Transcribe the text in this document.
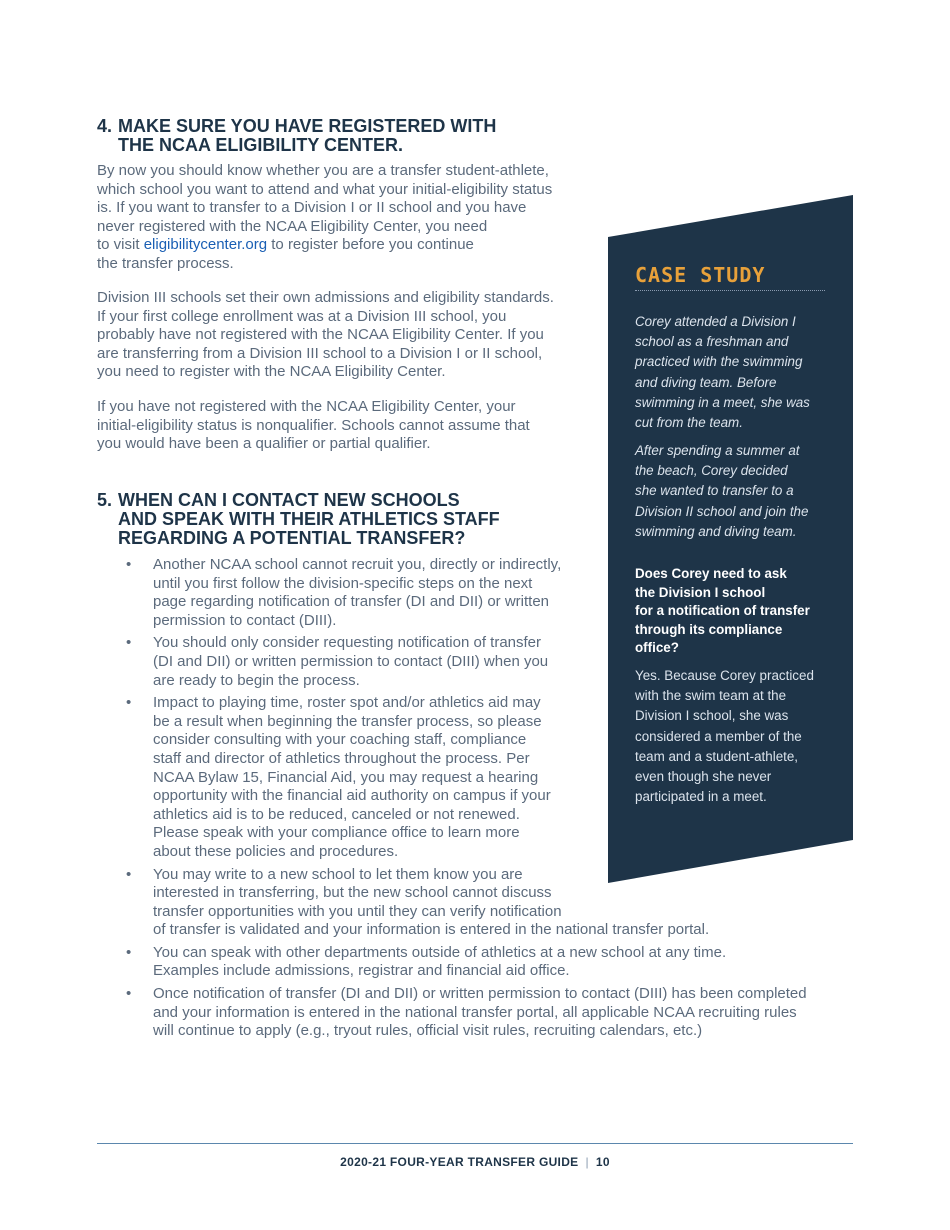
4. MAKE SURE YOU HAVE REGISTERED WITH
THE NCAA ELIGIBILITY CENTER.

By now you should know whether you are a transfer student-athlete,
which school you want to attend and what your initial-eligibility status
is. If you want to transfer to a Division I or II school and you have
never registered with the NCAA Eligibility Center, you need
to visit eligibilitycenter.org to register before you continue
the transfer process.

Division III schools set their own admissions and eligibility standards.
If your first college enrollment was at a Division III school, you
probably have not registered with the NCAA Eligibility Center. If you
are transferring from a Division III school to a Division I or II school,
you need to register with the NCAA Eligibility Center.

If you have not registered with the NCAA Eligibility Center, your
initial-eligibility status is nonqualifier. Schools cannot assume that
you would have been a qualifier or partial qualifier.

5. WHEN CAN I CONTACT NEW SCHOOLS
AND SPEAK WITH THEIR ATHLETICS STAFF
REGARDING A POTENTIAL TRANSFER?
• Another NCAA school cannot recruit you, directly or indirectly,
until you first follow the division-specific steps on the next
page regarding notification of transfer (DI and DII) or written
permission to contact (DIII).
• You should only consider requesting notification of transfer
(DI and DII) or written permission to contact (DIII) when you
are ready to begin the process.
• Impact to playing time, roster spot and/or athletics aid may
be a result when beginning the transfer process, so please
consider consulting with your coaching staff, compliance
staff and director of athletics throughout the process. Per
NCAA Bylaw 15, Financial Aid, you may request a hearing
opportunity with the financial aid authority on campus if your
athletics aid is to be reduced, canceled or not renewed.
Please speak with your compliance office to learn more
about these policies and procedures.
• You may write to a new school to let them know you are
interested in transferring, but the new school cannot discuss
transfer opportunities with you until they can verify notification
of transfer is validated and your information is entered in the national transfer portal.
• You can speak with other departments outside of athletics at a new school at any time.
Examples include admissions, registrar and financial aid office.
• Once notification of transfer (DI and DII) or written permission to contact (DIII) has been completed
and your information is entered in the national transfer portal, all applicable NCAA recruiting rules
will continue to apply (e.g., tryout rules, official visit rules, recruiting calendars, etc.)
CASE STUDY

Corey attended a Division I
school as a freshman and
practiced with the swimming
and diving team. Before
swimming in a meet, she was
cut from the team.

After spending a summer at
the beach, Corey decided
she wanted to transfer to a
Division II school and join the
swimming and diving team.

Does Corey need to ask
the Division I school
for a notification of transfer
through its compliance
office?

Yes. Because Corey practiced
with the swim team at the
Division I school, she was
considered a member of the
team and a student-athlete,
even though she never
participated in a meet.

2020-21 FOUR-YEAR TRANSFER GUIDE | 10
